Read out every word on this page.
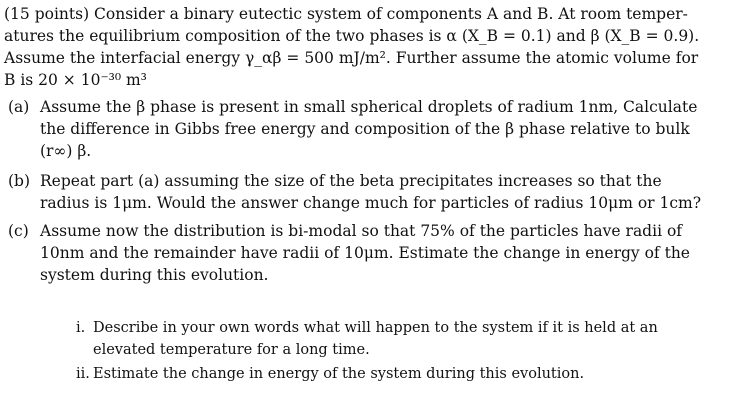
(15 points) Consider a binary eutectic system of components A and B. At room temper-
atures the equilibrium composition of the two phases is α (X_B = 0.1) and β (X_B = 0.9).
Assume the interfacial energy γ_αβ = 500 mJ/m². Further assume the atomic volume for
B is 20 × 10⁻³⁰ m³
(a) Assume the β phase is present in small spherical droplets of radium 1nm, Calculate
the difference in Gibbs free energy and composition of the β phase relative to bulk
(r∞) β.
(b) Repeat part (a) assuming the size of the beta precipitates increases so that the
radius is 1μm. Would the answer change much for particles of radius 10μm or 1cm?
(c) Assume now the distribution is bi-modal so that 75% of the particles have radii of
10nm and the remainder have radii of 10μm. Estimate the change in energy of the
system during this evolution.
i. Describe in your own words what will happen to the system if it is held at an
elevated temperature for a long time.
ii. Estimate the change in energy of the system during this evolution.
